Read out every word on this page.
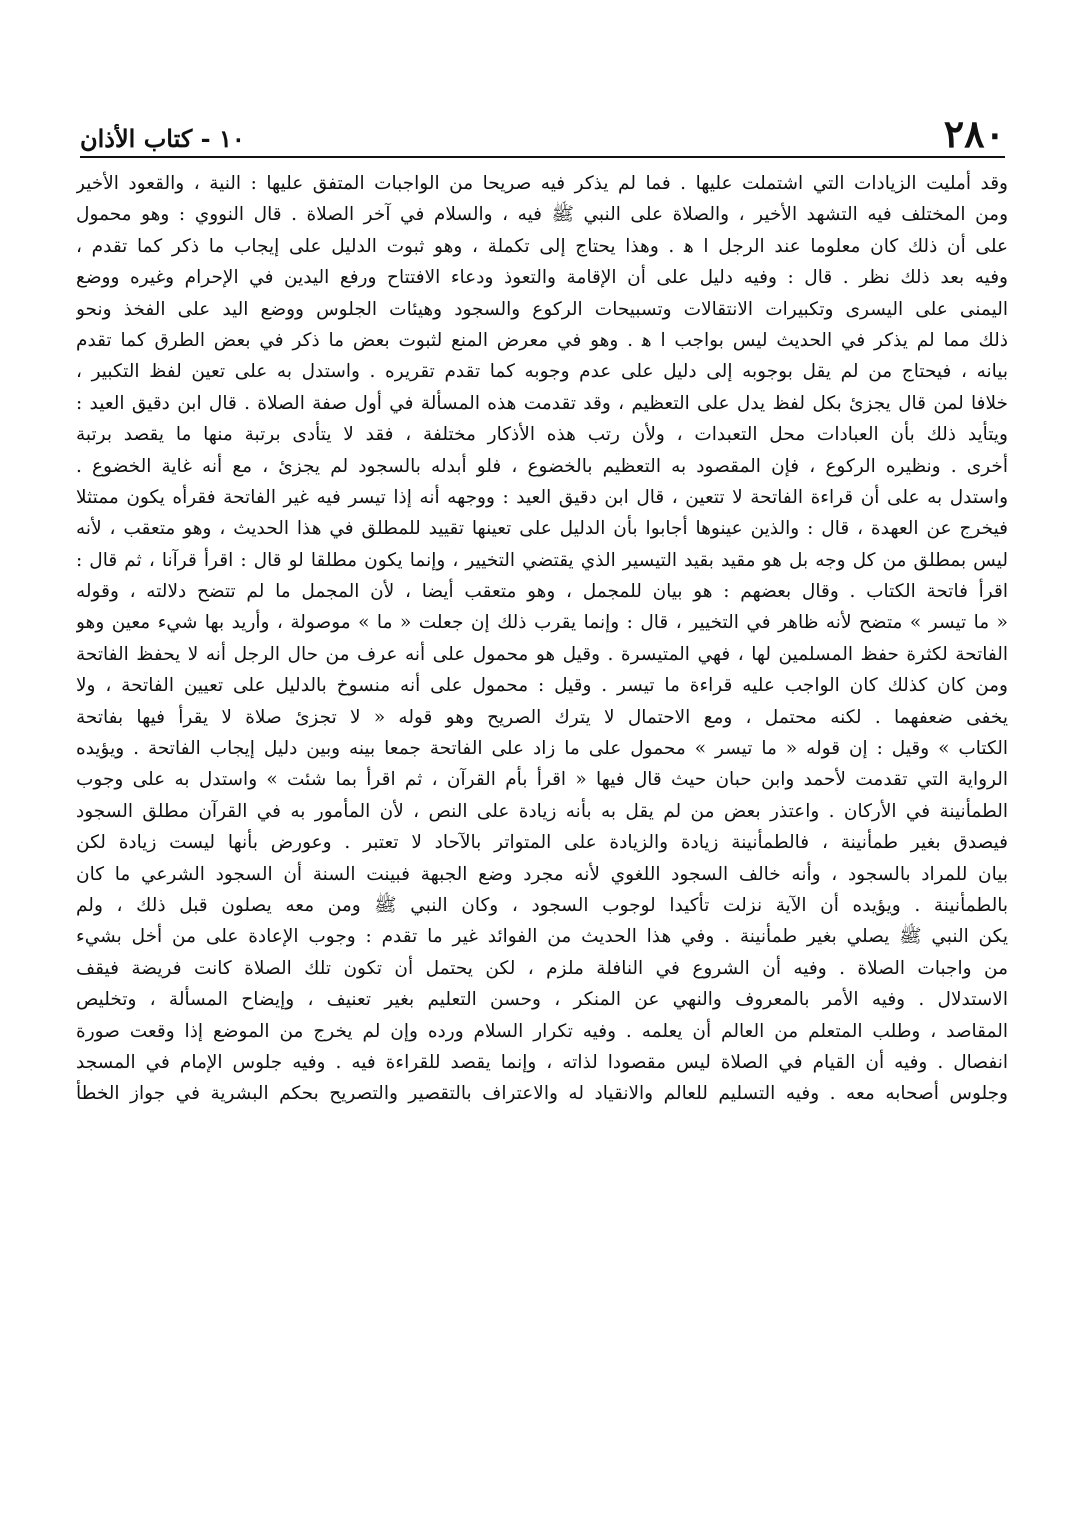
٢٨٠
١٠ - كتاب الأذان
وقد أمليت الزيادات التي اشتملت عليها . فما لم يذكر فيه صريحا من الواجبات المتفق عليها : النية ، والقعود الأخير
ومن المختلف فيه التشهد الأخير ، والصلاة على النبي ﷺ فيه ، والسلام في آخر الصلاة . قال النووي : وهو محمول
على أن ذلك كان معلوما عند الرجل ا ﻫ . وهذا يحتاج إلى تكملة ، وهو ثبوت الدليل على إيجاب ما ذكر كما تقدم ،
وفيه بعد ذلك نظر . قال : وفيه دليل على أن الإقامة والتعوذ ودعاء الافتتاح ورفع اليدين في الإحرام وغيره ووضع
اليمنى على اليسرى وتكبيرات الانتقالات وتسبيحات الركوع والسجود وهيئات الجلوس ووضع اليد على الفخذ ونحو
ذلك مما لم يذكر في الحديث ليس بواجب ا ﻫ . وهو في معرض المنع لثبوت بعض ما ذكر في بعض الطرق كما تقدم
بيانه ، فيحتاج من لم يقل بوجوبه إلى دليل على عدم وجوبه كما تقدم تقريره . واستدل به على تعين لفظ التكبير ،
خلافا لمن قال يجزئ بكل لفظ يدل على التعظيم ، وقد تقدمت هذه المسألة في أول صفة الصلاة . قال ابن دقيق العيد :
ويتأيد ذلك بأن العبادات محل التعبدات ، ولأن رتب هذه الأذكار مختلفة ، فقد لا يتأدى برتبة منها ما يقصد برتبة
أخرى . ونظيره الركوع ، فإن المقصود به التعظيم بالخضوع ، فلو أبدله بالسجود لم يجزئ ، مع أنه غاية الخضوع .
واستدل به على أن قراءة الفاتحة لا تتعين ، قال ابن دقيق العيد : ووجهه أنه إذا تيسر فيه غير الفاتحة فقرأه يكون ممتثلا
فيخرج عن العهدة ، قال : والذين عينوها أجابوا بأن الدليل على تعينها تقييد للمطلق في هذا الحديث ، وهو متعقب ، لأنه
ليس بمطلق من كل وجه بل هو مقيد بقيد التيسير الذي يقتضي التخيير ، وإنما يكون مطلقا لو قال : اقرأ قرآنا ، ثم قال :
اقرأ فاتحة الكتاب . وقال بعضهم : هو بيان للمجمل ، وهو متعقب أيضا ، لأن المجمل ما لم تتضح دلالته ، وقوله
« ما تيسر » متضح لأنه ظاهر في التخيير ، قال : وإنما يقرب ذلك إن جعلت « ما » موصولة ، وأريد بها شيء معين وهو
الفاتحة لكثرة حفظ المسلمين لها ، فهي المتيسرة . وقيل هو محمول على أنه عرف من حال الرجل أنه لا يحفظ الفاتحة
ومن كان كذلك كان الواجب عليه قراءة ما تيسر . وقيل : محمول على أنه منسوخ بالدليل على تعيين الفاتحة ، ولا
يخفى ضعفهما . لكنه محتمل ، ومع الاحتمال لا يترك الصريح وهو قوله « لا تجزئ صلاة لا يقرأ فيها بفاتحة
الكتاب » وقيل : إن قوله « ما تيسر » محمول على ما زاد على الفاتحة جمعا بينه وبين دليل إيجاب الفاتحة . ويؤيده
الرواية التي تقدمت لأحمد وابن حبان حيث قال فيها « اقرأ بأم القرآن ، ثم اقرأ بما شئت » واستدل به على وجوب
الطمأنينة في الأركان . واعتذر بعض من لم يقل به بأنه زيادة على النص ، لأن المأمور به في القرآن مطلق السجود
فيصدق بغير طمأنينة ، فالطمأنينة زيادة والزيادة على المتواتر بالآحاد لا تعتبر . وعورض بأنها ليست زيادة لكن
بيان للمراد بالسجود ، وأنه خالف السجود اللغوي لأنه مجرد وضع الجبهة فبينت السنة أن السجود الشرعي ما كان
بالطمأنينة . ويؤيده أن الآية نزلت تأكيدا لوجوب السجود ، وكان النبي ﷺ ومن معه يصلون قبل ذلك ، ولم
يكن النبي ﷺ يصلي بغير طمأنينة . وفي هذا الحديث من الفوائد غير ما تقدم : وجوب الإعادة على من أخل بشيء
من واجبات الصلاة . وفيه أن الشروع في النافلة ملزم ، لكن يحتمل أن تكون تلك الصلاة كانت فريضة فيقف
الاستدلال . وفيه الأمر بالمعروف والنهي عن المنكر ، وحسن التعليم بغير تعنيف ، وإيضاح المسألة ، وتخليص
المقاصد ، وطلب المتعلم من العالم أن يعلمه . وفيه تكرار السلام ورده وإن لم يخرج من الموضع إذا وقعت صورة
انفصال . وفيه أن القيام في الصلاة ليس مقصودا لذاته ، وإنما يقصد للقراءة فيه . وفيه جلوس الإمام في المسجد
وجلوس أصحابه معه . وفيه التسليم للعالم والانقياد له والاعتراف بالتقصير والتصريح بحكم البشرية في جواز الخطأ
